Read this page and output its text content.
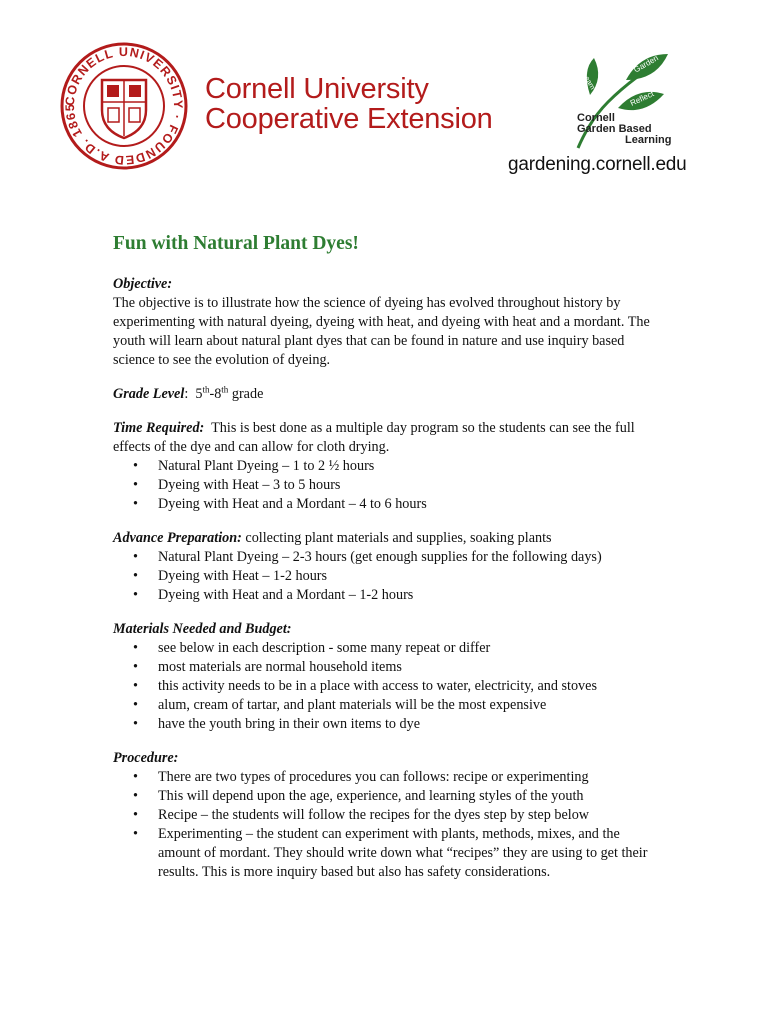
CORNELL UNIVERSITY · FOUNDED A.D. 1865
Cornell University
Cooperative Extension
Learn
Garden
Reflect
Cornell
Garden Based
Learning
gardening.cornell.edu
Fun with Natural Plant Dyes!

Objective:

The objective is to illustrate how the science of dyeing has evolved throughout history by experimenting with natural dyeing, dyeing with heat, and dyeing with heat and a mordant. The youth will learn about natural plant dyes that can be found in nature and use inquiry based science to see the evolution of dyeing.

Grade Level: 5th-8th grade

Time Required: This is best done as a multiple day program so the students can see the full effects of the dye and can allow for cloth drying.

• Natural Plant Dyeing – 1 to 2 ½ hours
• Dyeing with Heat – 3 to 5 hours
• Dyeing with Heat and a Mordant – 4 to 6 hours

Advance Preparation: collecting plant materials and supplies, soaking plants

• Natural Plant Dyeing – 2-3 hours (get enough supplies for the following days)
• Dyeing with Heat – 1-2 hours
• Dyeing with Heat and a Mordant – 1-2 hours

Materials Needed and Budget:

• see below in each description - some many repeat or differ
• most materials are normal household items
• this activity needs to be in a place with access to water, electricity, and stoves
• alum, cream of tartar, and plant materials will be the most expensive
• have the youth bring in their own items to dye

Procedure:

• There are two types of procedures you can follows: recipe or experimenting
• This will depend upon the age, experience, and learning styles of the youth
• Recipe – the students will follow the recipes for the dyes step by step below
• Experimenting – the student can experiment with plants, methods, mixes, and the amount of mordant. They should write down what “recipes” they are using to get their results. This is more inquiry based but also has safety considerations.
